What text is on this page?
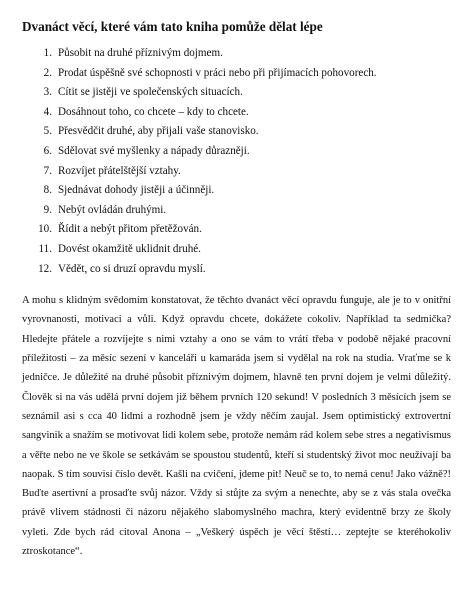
Dvanáct věcí, které vám tato kniha pomůže dělat lépe
1. Působit na druhé příznivým dojmem.
2. Prodat úspěšně své schopnosti v práci nebo při přijímacích pohovorech.
3. Cítit se jistěji ve společenských situacích.
4. Dosáhnout toho, co chcete – kdy to chcete.
5. Přesvědčit druhé, aby přijali vaše stanovisko.
6. Sdělovat své myšlenky a nápady důrazněji.
7. Rozvíjet přátelštější vztahy.
8. Sjednávat dohody jistěji a účinněji.
9. Nebýt ovládán druhými.
10. Řídit a nebýt přitom přetěžován.
11. Dovést okamžitě uklidnit druhé.
12. Vědět, co si druzí opravdu myslí.

A mohu s klidným svědomím konstatovat, že těchto dvanáct věcí opravdu funguje, ale je to v onitřní vyrovnanosti, motivaci a vůli. Když opravdu chcete, dokážete cokoliv. Například ta sedmička? Hledejte přátele a rozvíjejte s nimi vztahy a ono se vám to vrátí třeba v podobě nějaké pracovní příležitosti – za měsíc sezení v kanceláři u kamaráda jsem si vydělal na rok na studia. Vraťme se k jedničce. Je důležité na druhé působit příznivým dojmem, hlavně ten první dojem je velmi důležitý. Člověk si na vás udělá první dojem již během prvních 120 sekund! V posledních 3 měsících jsem se seznámil asi s cca 40 lidmi a rozhodně jsem je vždy něčím zaujal. Jsem optimistický extrovertní sangvinik a snažím se motivovat lidi kolem sebe, protože nemám rád kolem sebe stres a negativismus a věřte nebo ne ve škole se setkávám se spoustou studentů, kteří si studentský život moc neužívají ba naopak. S tím souvisí číslo devět. Kašli na cvičení, jdeme pit! Neuč se to, to nemá cenu! Jako vážně?! Buďte asertivní a prosaďte svůj názor. Vždy si stůjte za svým a nenechte, aby se z vás stala ovečka právě vlivem stádnosti či názoru nějakého slabomyslného machra, který evidentně brzy ze školy vyleti. Zde bych rád citoval Anona – „Veškerý úspěch je věcí štěstí… zeptejte se kteréhokoliv ztroskotance“.
